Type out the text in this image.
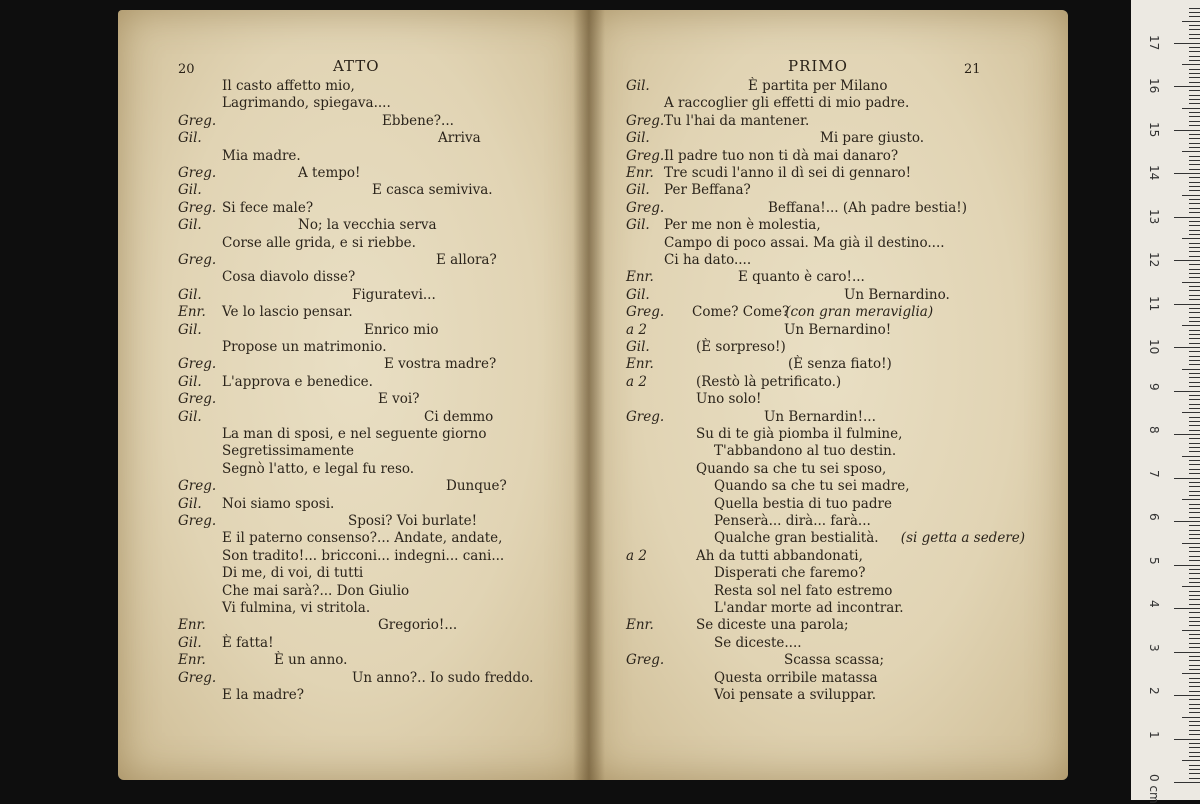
20	ATTO
Il casto affetto mio,
Lagrimando, spiegava....
Greg.	Ebbene?...
Gil.	Arriva
Mia madre.
Greg.	A tempo!
Gil.	E casca semiviva.
Greg. Si fece male?
Gil.	No; la vecchia serva
Corse alle grida, e si riebbe.
Greg.	E allora?
Cosa diavolo disse?
Gil.	Figuratevi...
Enr. Ve lo lascio pensar.
Gil.	Enrico mio
Propose un matrimonio.
Greg.	E vostra madre?
Gil. L'approva e benedice.
Greg.	E voi?
Gil.	Ci demmo
La man di sposi, e nel seguente giorno
Segretissimamente
Segnò l'atto, e legal fu reso.
Greg.	Dunque?
Gil. Noi siamo sposi.
Greg.	Sposi? Voi burlate!
E il paterno consenso?... Andate, andate,
Son tradito!... bricconi... indegni... cani...
Di me, di voi, di tutti
Che mai sarà?... Don Giulio
Vi fulmina, vi stritola.
Enr.	Gregorio!...
Gil. È fatta!
Enr.	È un anno.
Greg.	Un anno?.. Io sudo freddo.
E la madre?
PRIMO	21
Gil.	È partita per Milano
A raccoglier gli effetti di mio padre.
Greg. Tu l'hai da mantener.
Gil.	Mi pare giusto.
Greg. Il padre tuo non ti dà mai danaro?
Enr. Tre scudi l'anno il dì sei di gennaro!
Gil. Per Beffana?
Greg.	Beffana!... (Ah padre bestia!)
Gil. Per me non è molestia,
Campo di poco assai. Ma già il destino....
Ci ha dato....
Enr.	E quanto è caro!...
Gil.	Un Bernardino.
Greg. Come? Come?
(con gran meraviglia)
a 2	Un Bernardino!
Gil.	(È sorpreso!)
Enr.	(È senza fiato!)
a 2	(Restò là petrificato.)
Uno solo!
Greg.	Un Bernardin!...
Su di te già piomba il fulmine,
T'abbandono al tuo destin.
Quando sa che tu sei sposo,
Quando sa che tu sei madre,
Quella bestia di tuo padre
Penserà... dirà... farà...
Qualche gran bestialità. (si getta a sedere)
a 2	Ah da tutti abbandonati,
Disperati che faremo?
Resta sol nel fato estremo
L'andar morte ad incontrar.
Enr.	Se diceste una parola;
Se diceste....
Greg.	Scassa scassa;
Questa orribile matassa
Voi pensate a sviluppar.
0 cm
1
2
3
4
5
6
7
8
9
10
11
12
13
14
15
16
17
